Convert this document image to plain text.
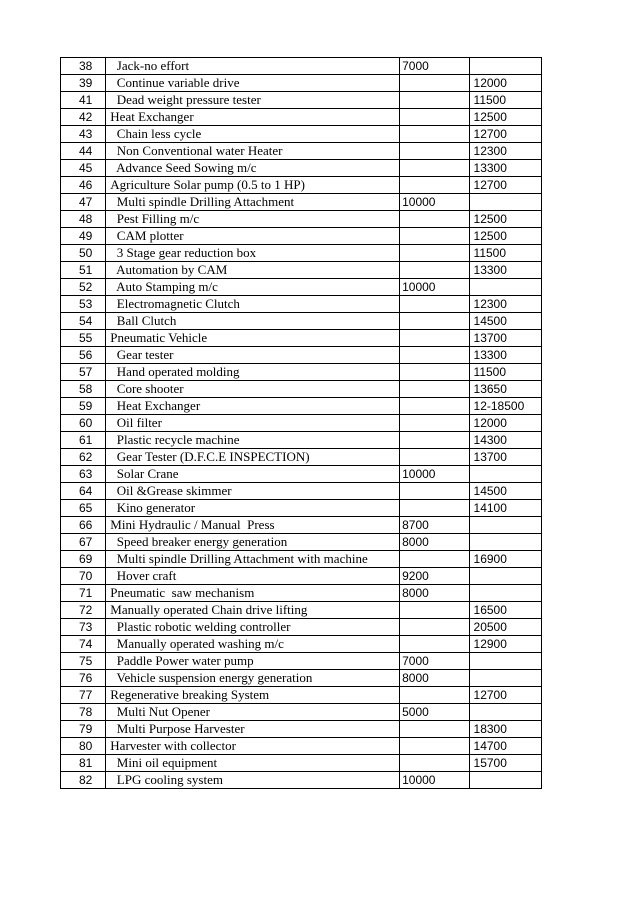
38	Jack-no effort	7000	
39	Continue variable drive		12000
41	Dead weight pressure tester		11500
42	Heat Exchanger		12500
43	Chain less cycle		12700
44	Non Conventional water Heater		12300
45	Advance Seed Sowing m/c		13300
46	Agriculture Solar pump (0.5 to 1 HP)		12700
47	Multi spindle Drilling Attachment	10000	
48	Pest Filling m/c		12500
49	CAM plotter		12500
50	3 Stage gear reduction box		11500
51	Automation by CAM		13300
52	Auto Stamping m/c	10000	
53	Electromagnetic Clutch		12300
54	Ball Clutch		14500
55	Pneumatic Vehicle		13700
56	Gear tester		13300
57	Hand operated molding		11500
58	Core shooter		13650
59	Heat Exchanger		12-18500
60	Oil filter		12000
61	Plastic recycle machine		14300
62	Gear Tester (D.F.C.E INSPECTION)		13700
63	Solar Crane	10000	
64	Oil &Grease skimmer		14500
65	Kino generator		14100
66	Mini Hydraulic / Manual  Press	8700	
67	Speed breaker energy generation	8000	
69	Multi spindle Drilling Attachment with machine		16900
70	Hover craft	9200	
71	Pneumatic  saw mechanism	8000	
72	Manually operated Chain drive lifting		16500
73	Plastic robotic welding controller		20500
74	Manually operated washing m/c		12900
75	Paddle Power water pump	7000	
76	Vehicle suspension energy generation	8000	
77	Regenerative breaking System		12700
78	Multi Nut Opener	5000	
79	Multi Purpose Harvester		18300
80	Harvester with collector		14700
81	Mini oil equipment		15700
82	LPG cooling system	10000	
